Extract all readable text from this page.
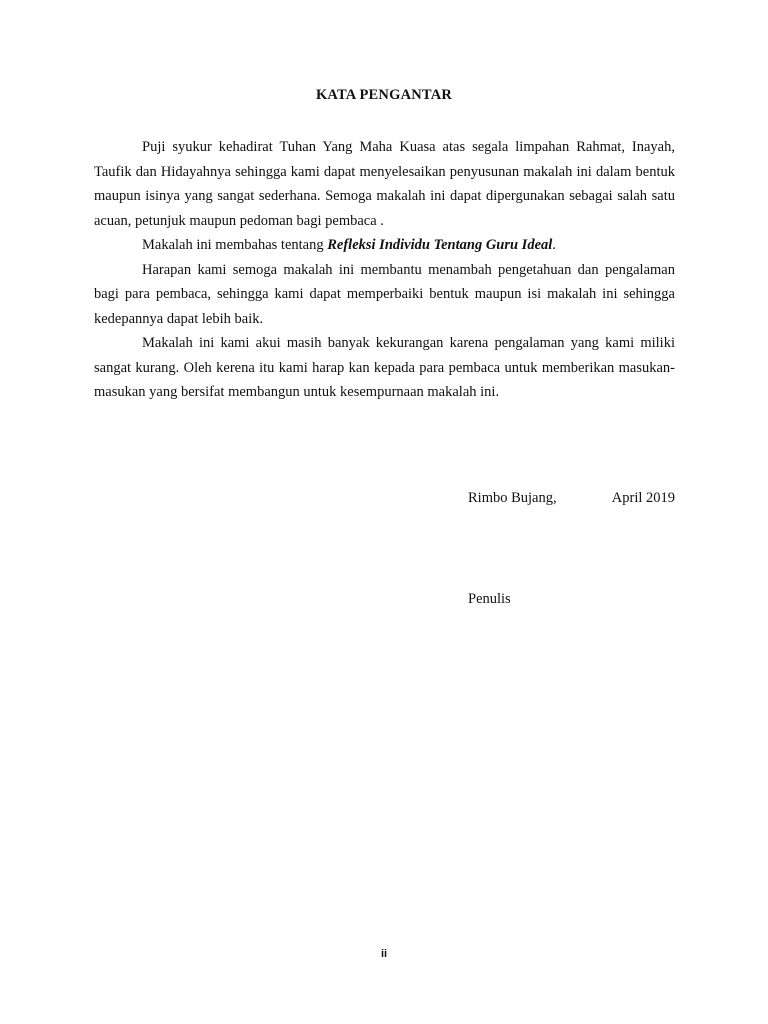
KATA PENGANTAR

Puji syukur kehadirat Tuhan Yang Maha Kuasa atas segala limpahan Rahmat, Inayah, Taufik dan Hidayahnya sehingga kami dapat menyelesaikan penyusunan makalah ini dalam bentuk maupun isinya yang sangat sederhana. Semoga makalah ini dapat dipergunakan sebagai salah satu acuan, petunjuk maupun pedoman bagi pembaca .

Makalah ini membahas tentang Refleksi Individu Tentang Guru Ideal.

Harapan kami semoga makalah ini membantu menambah pengetahuan dan pengalaman bagi para pembaca, sehingga kami dapat memperbaiki bentuk maupun isi makalah ini sehingga kedepannya dapat lebih baik.

Makalah ini kami akui masih banyak kekurangan karena pengalaman yang kami miliki sangat kurang. Oleh kerena itu kami harap kan kepada para pembaca untuk memberikan masukan-masukan yang bersifat membangun untuk kesempurnaan makalah ini.

Rimbo Bujang,	April 2019
Penulis
ii
